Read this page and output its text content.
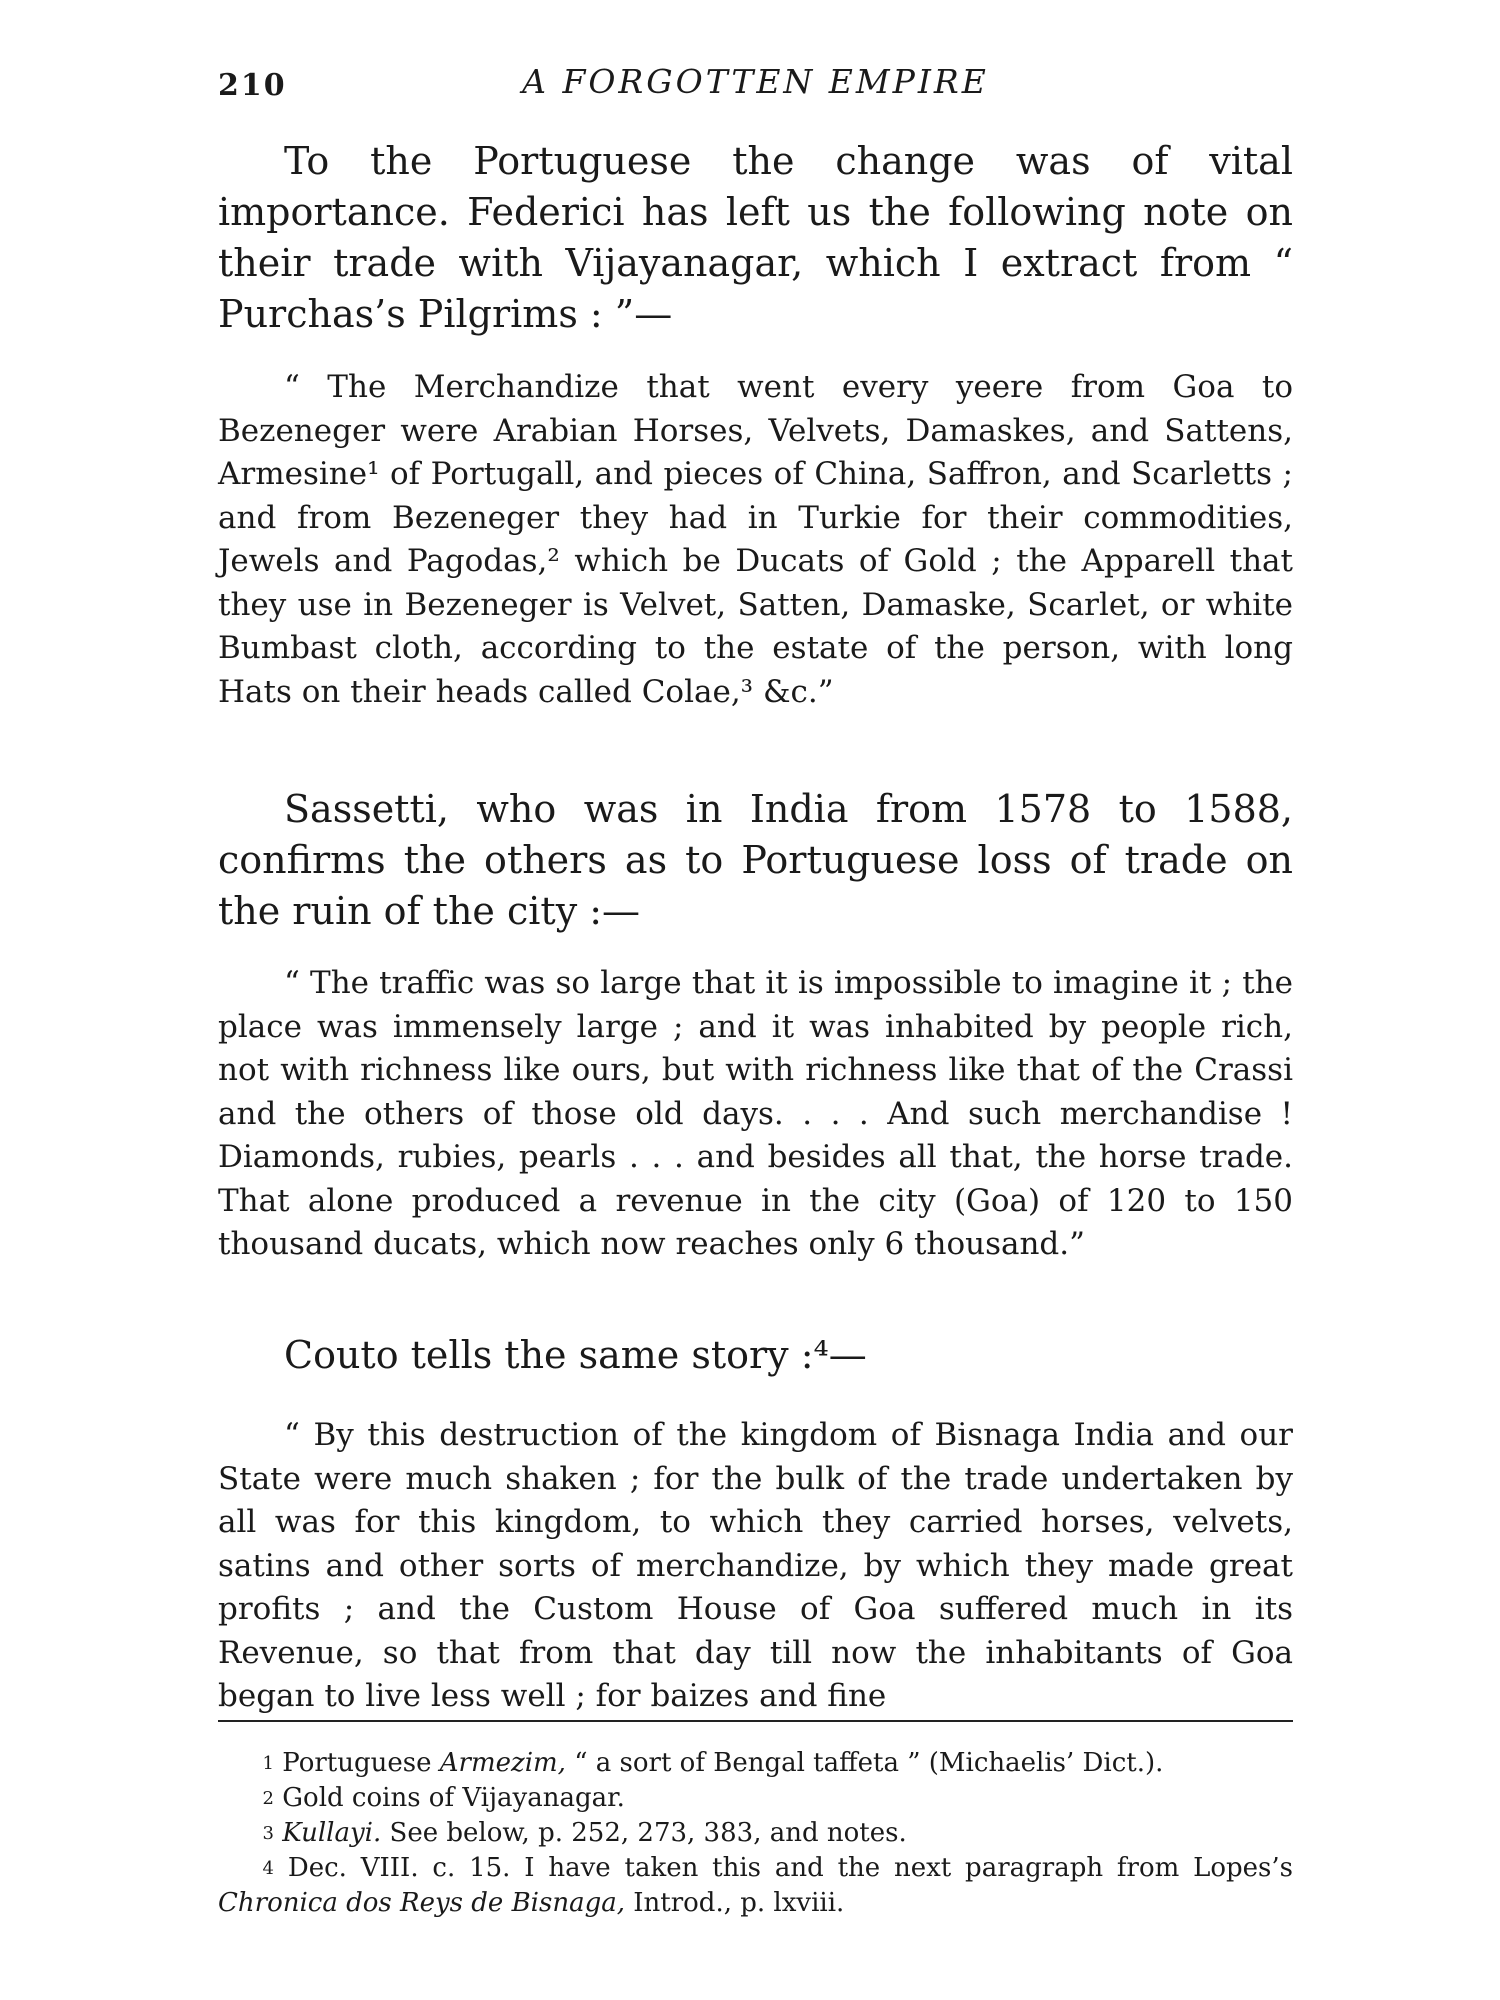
210	A FORGOTTEN EMPIRE
To the Portuguese the change was of vital importance. Federici has left us the following note on their trade with Vijayanagar, which I extract from “ Purchas’s Pilgrims : ”—
“ The Merchandize that went every yeere from Goa to Bezeneger were Arabian Horses, Velvets, Damaskes, and Sattens, Armesine¹ of Portugall, and pieces of China, Saffron, and Scarletts ; and from Bezeneger they had in Turkie for their commodities, Jewels and Pagodas,² which be Ducats of Gold ; the Apparell that they use in Bezeneger is Velvet, Satten, Damaske, Scarlet, or white Bumbast cloth, according to the estate of the person, with long Hats on their heads called Colae,³ &c.”
Sassetti, who was in India from 1578 to 1588, confirms the others as to Portuguese loss of trade on the ruin of the city :—
“ The traffic was so large that it is impossible to imagine it ; the place was immensely large ; and it was inhabited by people rich, not with richness like ours, but with richness like that of the Crassi and the others of those old days. . . . And such merchandise ! Diamonds, rubies, pearls . . . and besides all that, the horse trade. That alone produced a revenue in the city (Goa) of 120 to 150 thousand ducats, which now reaches only 6 thousand.”
Couto tells the same story :⁴—
“ By this destruction of the kingdom of Bisnaga India and our State were much shaken ; for the bulk of the trade undertaken by all was for this kingdom, to which they carried horses, velvets, satins and other sorts of merchandize, by which they made great profits ; and the Custom House of Goa suffered much in its Revenue, so that from that day till now the inhabitants of Goa began to live less well ; for baizes and fine

1 Portuguese Armezim, “ a sort of Bengal taffeta ” (Michaelis’ Dict.).

2 Gold coins of Vijayanagar.

3 Kullayi. See below, p. 252, 273, 383, and notes.

4 Dec. VIII. c. 15. I have taken this and the next paragraph from Lopes’s Chronica dos Reys de Bisnaga, Introd., p. lxviii.
